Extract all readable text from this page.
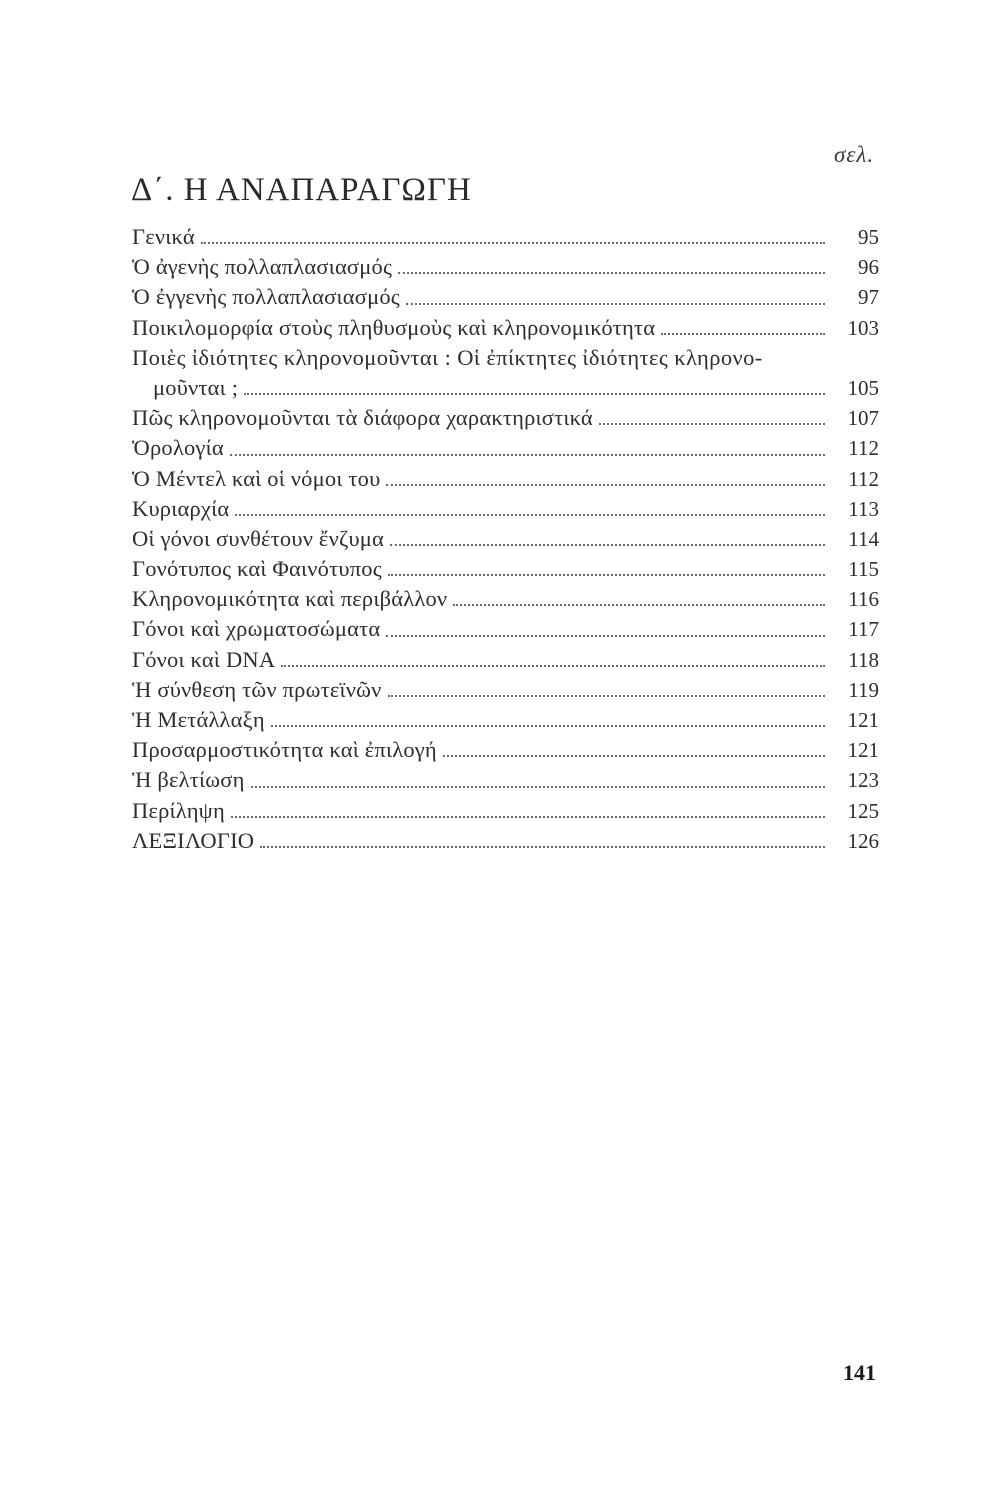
σελ.
Δ΄. Η ΑΝΑΠΑΡΑΓΩΓΗ
Γενικά	95
Ὁ ἀγενὴς πολλαπλασιασμός	96
Ὁ ἐγγενὴς πολλαπλασιασμός	97
Ποικιλομορφία στοὺς πληθυσμοὺς καὶ κληρονομικότητα	103
Ποιὲς ἰδιότητες κληρονομοῦνται : Οἱ ἐπίκτητες ἰδιότητες κληρονο-
μοῦνται ;	105
Πῶς κληρονομοῦνται τὰ διάφορα χαρακτηριστικά	107
Ὁρολογία	112
Ὁ Μέντελ καὶ οἱ νόμοι του	112
Κυριαρχία	113
Οἱ γόνοι συνθέτουν ἔνζυμα	114
Γονότυπος καὶ Φαινότυπος	115
Κληρονομικότητα καὶ περιβάλλον	116
Γόνοι καὶ χρωματοσώματα	117
Γόνοι καὶ DNA	118
Ἡ σύνθεση τῶν πρωτεϊνῶν	119
Ἡ Μετάλλαξη	121
Προσαρμοστικότητα καὶ ἐπιλογή	121
Ἡ βελτίωση	123
Περίληψη	125
ΛΕΞΙΛΟΓΙΟ	126
141
